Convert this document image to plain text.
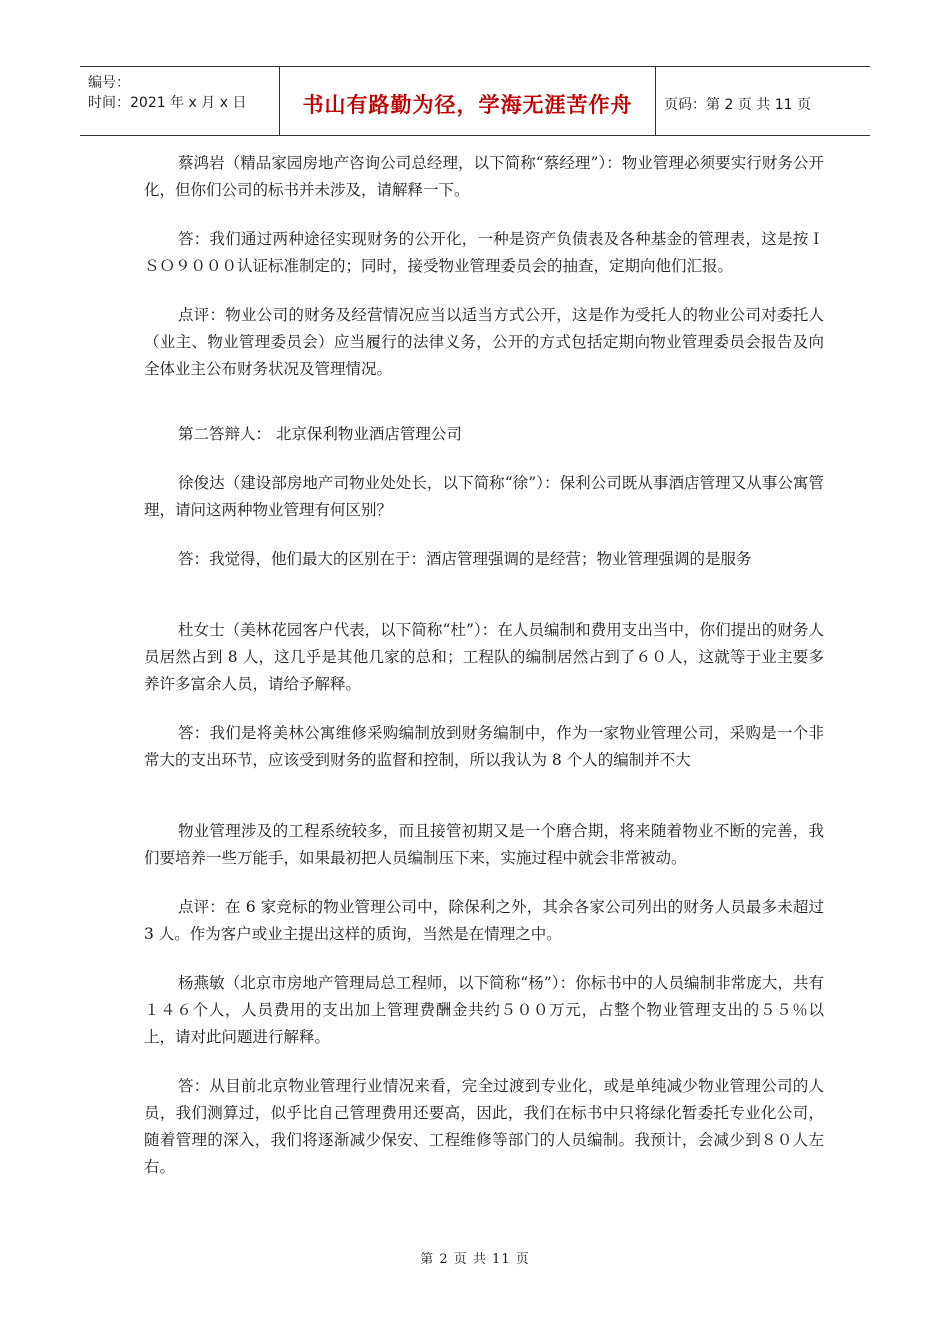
编号：
时间：2021 年 x 月 x 日	书山有路勤为径，学海无涯苦作舟	页码：第 2 页 共 11 页

蔡鸿岩（精品家园房地产咨询公司总经理，以下简称“蔡经理”）：物业管理必须要实行财务公开化，但你们公司的标书并未涉及，请解释一下。

答：我们通过两种途径实现财务的公开化，一种是资产负债表及各种基金的管理表，这是按ＩＳＯ９０００认证标准制定的；同时，接受物业管理委员会的抽查，定期向他们汇报。

点评：物业公司的财务及经营情况应当以适当方式公开，这是作为受托人的物业公司对委托人（业主、物业管理委员会）应当履行的法律义务，公开的方式包括定期向物业管理委员会报告及向全体业主公布财务状况及管理情况。

第二答辩人： 北京保利物业酒店管理公司

徐俊达（建设部房地产司物业处处长，以下简称“徐”）：保利公司既从事酒店管理又从事公寓管理，请问这两种物业管理有何区别？

答：我觉得，他们最大的区别在于：酒店管理强调的是经营；物业管理强调的是服务

杜女士（美林花园客户代表，以下简称“杜”）：在人员编制和费用支出当中，你们提出的财务人员居然占到 8 人，这几乎是其他几家的总和；工程队的编制居然占到了６０人，这就等于业主要多养许多富余人员，请给予解释。

答：我们是将美林公寓维修采购编制放到财务编制中，作为一家物业管理公司，采购是一个非常大的支出环节，应该受到财务的监督和控制，所以我认为 8 个人的编制并不大

物业管理涉及的工程系统较多，而且接管初期又是一个磨合期，将来随着物业不断的完善，我们要培养一些万能手，如果最初把人员编制压下来，实施过程中就会非常被动。

点评：在 6 家竞标的物业管理公司中，除保利之外，其余各家公司列出的财务人员最多未超过 3 人。作为客户或业主提出这样的质询，当然是在情理之中。

杨燕敏（北京市房地产管理局总工程师，以下简称“杨”）：你标书中的人员编制非常庞大，共有１４６个人，人员费用的支出加上管理费酬金共约５００万元，占整个物业管理支出的５５％以上，请对此问题进行解释。

答：从目前北京物业管理行业情况来看，完全过渡到专业化，或是单纯减少物业管理公司的人员，我们测算过，似乎比自己管理费用还要高，因此，我们在标书中只将绿化暂委托专业化公司，随着管理的深入，我们将逐渐减少保安、工程维修等部门的人员编制。我预计，会减少到８０人左右。

第 2 页 共 11 页
